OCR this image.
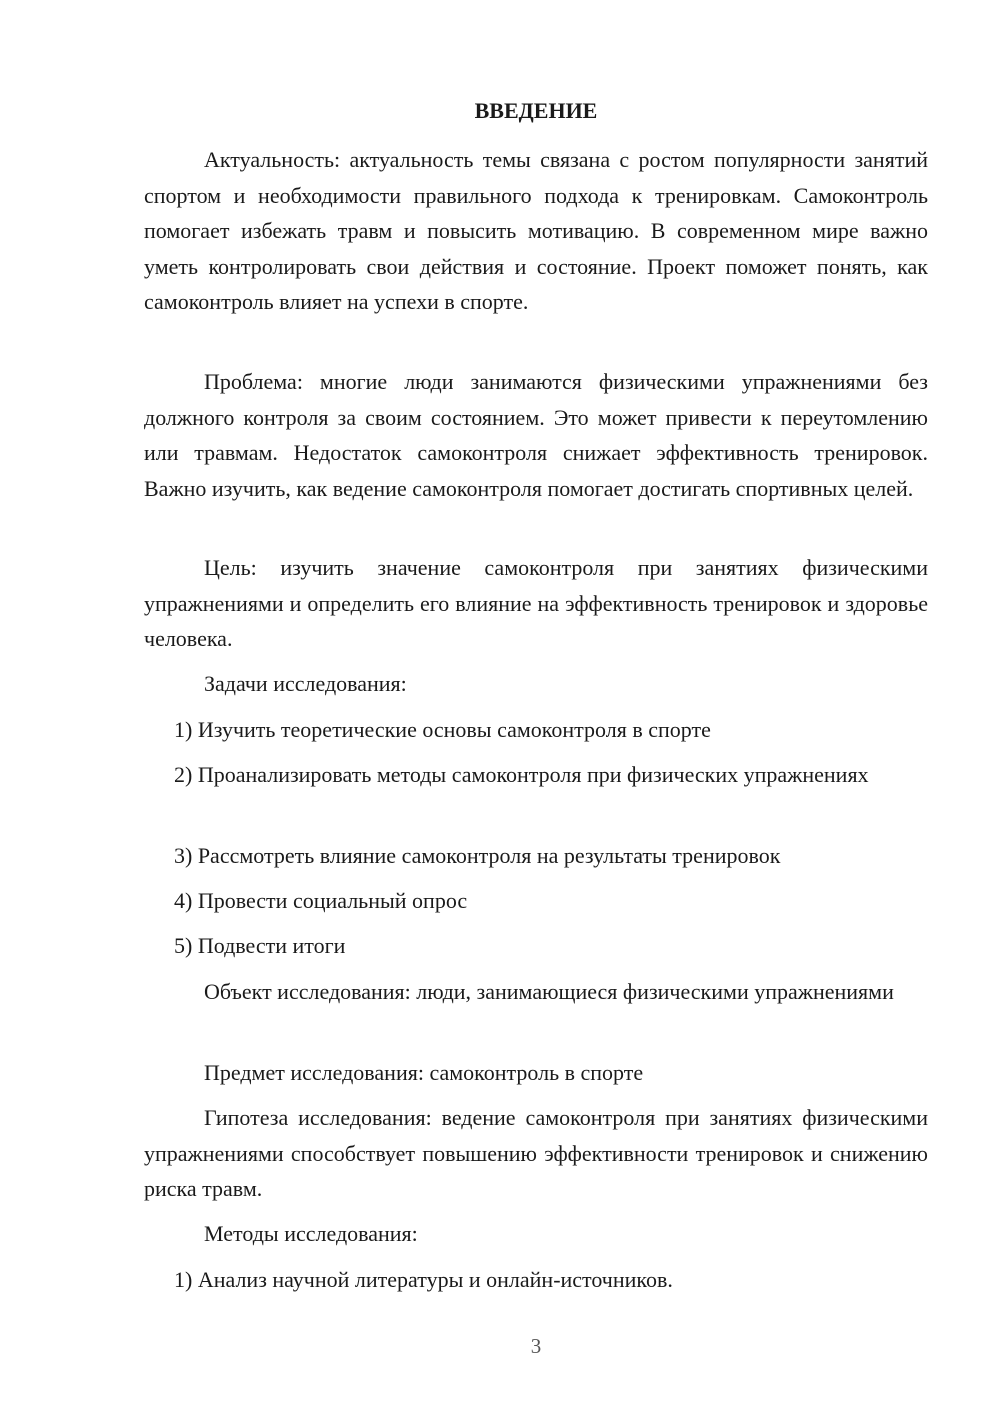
ВВЕДЕНИЕ

Актуальность: актуальность темы связана с ростом популярности занятий спортом и необходимости правильного подхода к тренировкам. Самоконтроль помогает избежать травм и повысить мотивацию. В современном мире важно уметь контролировать свои действия и состояние. Проект поможет понять, как самоконтроль влияет на успехи в спорте.

Проблема: многие люди занимаются физическими упражнениями без должного контроля за своим состоянием. Это может привести к переутомлению или травмам. Недостаток самоконтроля снижает эффективность тренировок. Важно изучить, как ведение самоконтроля помогает достигать спортивных целей.

Цель: изучить значение самоконтроля при занятиях физическими упражнениями и определить его влияние на эффективность тренировок и здоровье человека.

Задачи исследования:

1) Изучить теоретические основы самоконтроля в спорте

2) Проанализировать методы самоконтроля при физических упражнениях

3) Рассмотреть влияние самоконтроля на результаты тренировок

4) Провести социальный опрос

5) Подвести итоги

Объект исследования: люди, занимающиеся физическими упражнениями

Предмет исследования: самоконтроль в спорте

Гипотеза исследования: ведение самоконтроля при занятиях физическими упражнениями способствует повышению эффективности тренировок и снижению риска травм.

Методы исследования:

1) Анализ научной литературы и онлайн-источников.

3
